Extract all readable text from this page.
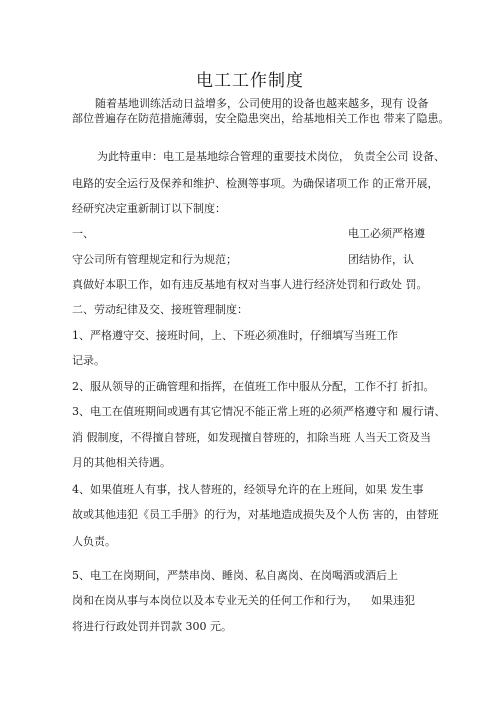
电工工作制度

随着基地训练活动日益增多，公司使用的设备也越来越多，现有 设备

部位普遍存在防范措施薄弱，安全隐患突出，给基地相关工作也 带来了隐患。

为此特重申：电工是基地综合管理的重要技术岗位， 负责全公司 设备、

电路的安全运行及保养和维护、检测等事项。为确保诸项工作 的正常开展，

经研究决定重新制订以下制度：

一、	电工必须严格遵

守公司所有管理规定和行为规范；	团结协作，认

真做好本职工作，如有违反基地有权对当事人进行经济处罚和行政处 罚。

二、劳动纪律及交、接班管理制度：

1、严格遵守交、接班时间，上、下班必须准时，仔细填写当班工作

记录。

2、服从领导的正确管理和指挥，在值班工作中服从分配，工作不打 折扣。

3、电工在值班期间或遇有其它情况不能正常上班的必须严格遵守和 履行请、

消 假制度，不得擅自替班，如发现擅自替班的，扣除当班 人当天工资及当

月的其他相关待遇。

4、如果值班人有事，找人替班的，经领导允许的在上班间，如果 发生事

故或其他违犯《员工手册》的行为，对基地造成损失及个人伤 害的，由替班

人负责。

5、电工在岗期间，严禁串岗、睡岗、私自离岗、在岗喝酒或酒后上

岗和在岗从事与本岗位以及本专业无关的任何工作和行为， 如果违犯

将进行行政处罚并罚款 300 元。
